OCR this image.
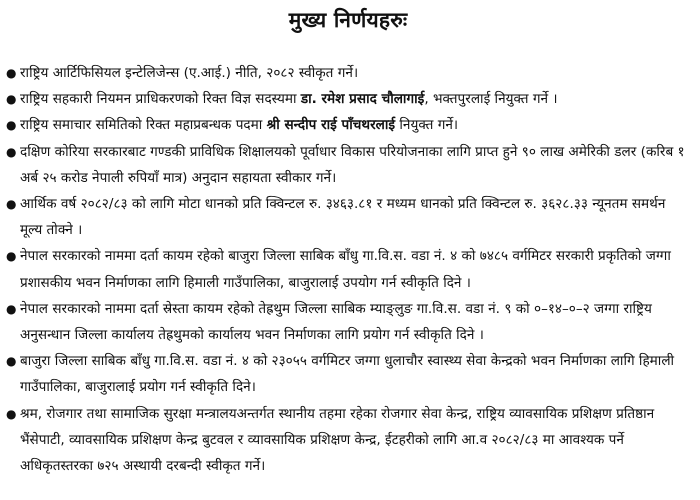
मुख्य निर्णयहरुः
● राष्ट्रिय आर्टिफिसियल इन्टेलिजेन्स (ए.आई.) नीति, २०८२ स्वीकृत गर्ने।
● राष्ट्रिय सहकारी नियमन प्राधिकरणको रिक्त विज्ञ सदस्यमा डा. रमेश प्रसाद चौलागाई, भक्तपुरलाई नियुक्त गर्ने ।
● राष्ट्रिय समाचार समितिको रिक्त महाप्रबन्धक पदमा श्री सन्दीप राई पाँचथरलाई नियुक्त गर्ने।
● दक्षिण कोरिया सरकारबाट गण्डकी प्राविधिक शिक्षालयको पूर्वाधार विकास परियोजनाका लागि प्राप्त हुने ९० लाख अमेरिकी डलर (करिब १ अर्ब २५ करोड नेपाली रुपियाँ मात्र) अनुदान सहायता स्वीकार गर्ने।
● आर्थिक वर्ष २०८२/८३ को लागि मोटा धानको प्रति क्विन्टल रु. ३४६३.८१ र मध्यम धानको प्रति क्विन्टल रु. ३६२८.३३ न्यूनतम समर्थन मूल्य तोक्ने ।
● नेपाल सरकारको नाममा दर्ता कायम रहेको बाजुरा जिल्ला साबिक बाँधु गा.वि.स. वडा नं. ४ को ७४८५ वर्गमिटर सरकारी प्रकृतिको जग्गा प्रशासकीय भवन निर्माणका लागि हिमाली गाउँपालिका, बाजुरालाई उपयोग गर्न स्वीकृति दिने ।
● नेपाल सरकारको नाममा दर्ता स्रेस्ता कायम रहेको तेह्रथुम जिल्ला साबिक म्याङ्लुङ गा.वि.स. वडा नं. ९ को ०–१४–०–२ जग्गा राष्ट्रिय अनुसन्धान जिल्ला कार्यालय तेह्रथुमको कार्यालय भवन निर्माणका लागि प्रयोग गर्न स्वीकृति दिने ।
● बाजुरा जिल्ला साबिक बाँधु गा.वि.स. वडा नं. ४ को २३०५५ वर्गमिटर जग्गा धुलाचौर स्वास्थ्य सेवा केन्द्रको भवन निर्माणका लागि हिमाली गाउँपालिका, बाजुरालाई प्रयोग गर्न स्वीकृति दिने।
● श्रम, रोजगार तथा सामाजिक सुरक्षा मन्त्रालयअन्तर्गत स्थानीय तहमा रहेका रोजगार सेवा केन्द्र, राष्ट्रिय व्यावसायिक प्रशिक्षण प्रतिष्ठान भैंसेपाटी, व्यावसायिक प्रशिक्षण केन्द्र बुटवल र व्यावसायिक प्रशिक्षण केन्द्र, ईटहरीको लागि आ.व २०८२/८३ मा आवश्यक पर्ने अधिकृतस्तरका ७२५ अस्थायी दरबन्दी स्वीकृत गर्ने।
